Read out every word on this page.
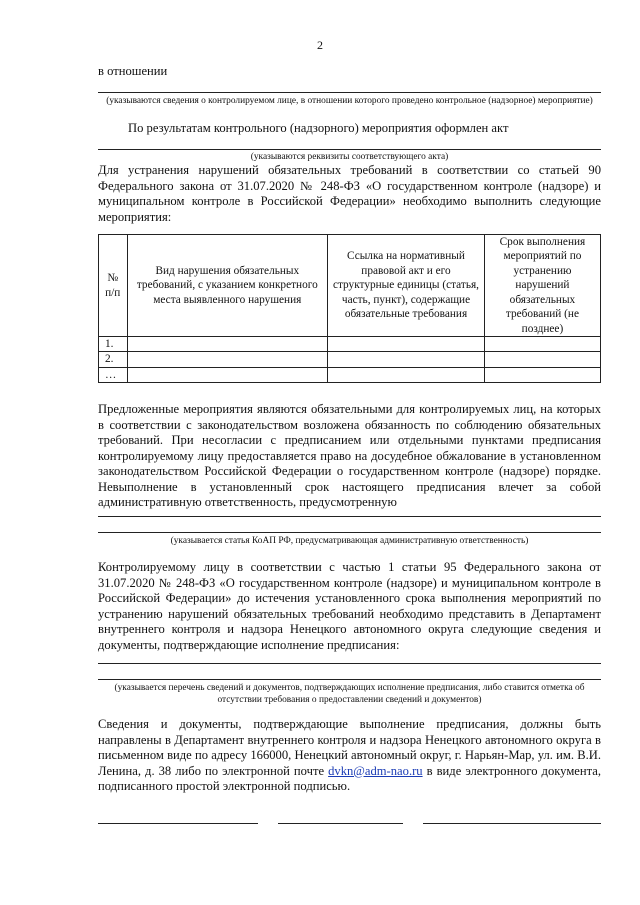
2
в отношении
(указываются сведения о контролируемом лице, в отношении которого проведено контрольное (надзорное) мероприятие)
По результатам контрольного (надзорного) мероприятия оформлен акт
(указываются реквизиты соответствующего акта)
Для устранения нарушений обязательных требований в соответствии со статьей 90 Федерального закона от 31.07.2020 № 248-ФЗ «О государственном контроле (надзоре) и муниципальном контроле в Российской Федерации» необходимо выполнить следующие мероприятия:
№ п/п	Вид нарушения обязательных требований, с указанием конкретного места выявленного нарушения	Ссылка на нормативный правовой акт и его структурные единицы (статья, часть, пункт), содержащие обязательные требования	Срок выполнения мероприятий по устранению нарушений обязательных требований (не позднее)
1.			
2.			
…			
Предложенные мероприятия являются обязательными для контролируемых лиц, на которых в соответствии с законодательством возложена обязанность по соблюдению обязательных требований. При несогласии с предписанием или отдельными пунктами предписания контролируемому лицу предоставляется право на досудебное обжалование в установленном законодательством Российской Федерации о государственном контроле (надзоре) порядке. Невыполнение в установленный срок настоящего предписания влечет за собой административную ответственность, предусмотренную
(указывается статья КоАП РФ, предусматривающая административную ответственность)
Контролируемому лицу в соответствии с частью 1 статьи 95 Федерального закона от 31.07.2020 № 248-ФЗ «О государственном контроле (надзоре) и муниципальном контроле в Российской Федерации» до истечения установленного срока выполнения мероприятий по устранению нарушений обязательных требований необходимо представить в Департамент внутреннего контроля и надзора Ненецкого автономного округа следующие сведения и документы, подтверждающие исполнение предписания:
(указывается перечень сведений и документов, подтверждающих исполнение предписания, либо ставится отметка об отсутствии требования о предоставлении сведений и документов)
Сведения и документы, подтверждающие выполнение предписания, должны быть направлены в Департамент внутреннего контроля и надзора Ненецкого автономного округа в письменном виде по адресу 166000, Ненецкий автономный округ, г. Нарьян-Мар, ул. им. В.И. Ленина, д. 38 либо по электронной почте dvkn@adm-nao.ru в виде электронного документа, подписанного простой электронной подписью.
